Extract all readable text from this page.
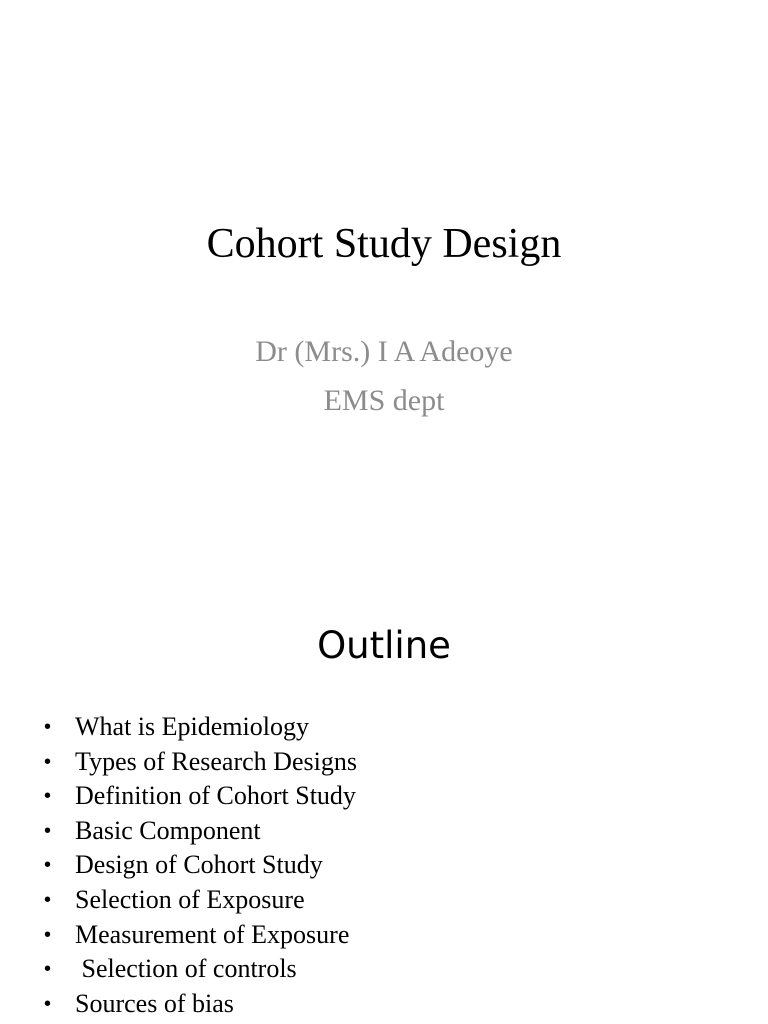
Cohort Study Design
Dr (Mrs.) I A Adeoye
EMS dept
Outline
• What is Epidemiology
• Types of Research Designs
• Definition of Cohort Study
• Basic Component
• Design of Cohort Study
• Selection of Exposure
• Measurement of Exposure
• Selection of controls
• Sources of bias
